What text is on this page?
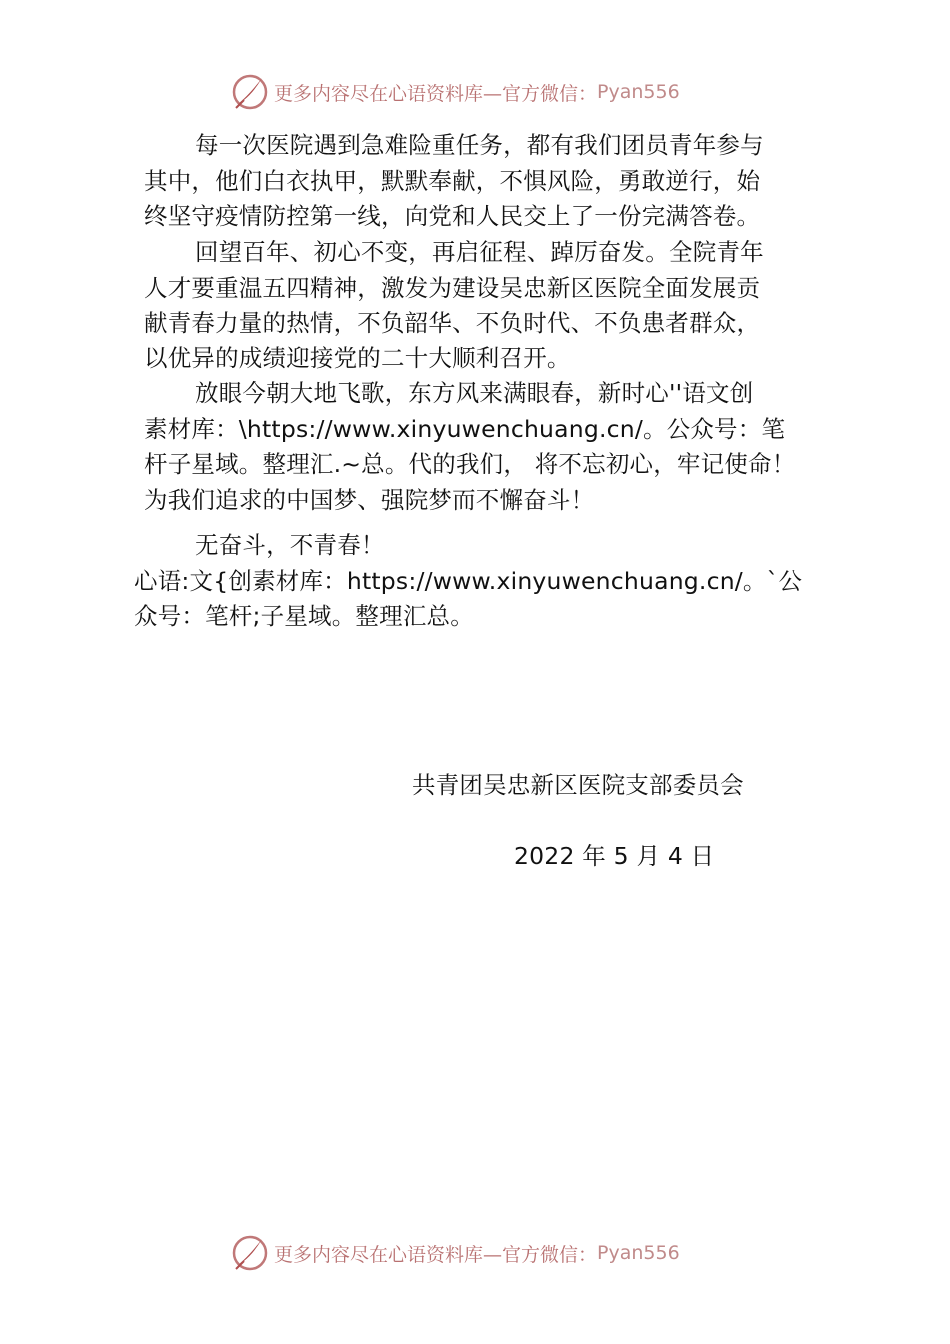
更多内容尽在心语资料库—官方微信： Pyan556
每一次医院遇到急难险重任务，都有我们团员青年参与
其中，他们白衣执甲，默默奉献，不惧风险，勇敢逆行，始
终坚守疫情防控第一线，向党和人民交上了一份完满答卷。
回望百年、初心不变，再启征程、踔厉奋发。全院青年
人才要重温五四精神，激发为建设吴忠新区医院全面发展贡
献青春力量的热情，不负韶华、不负时代、不负患者群众，
以优异的成绩迎接党的二十大顺利召开。
放眼今朝大地飞歌，东方风来满眼春，新时心''语文创
素材库：\https://www.xinyuwenchuang.cn/。公众号：笔
杆子星域。整理汇.~总。代的我们， 将不忘初心，牢记使命！
为我们追求的中国梦、强院梦而不懈奋斗！
无奋斗，不青春！
心语:文{创素材库：https://www.xinyuwenchuang.cn/。`公
众号：笔杆;子星域。整理汇总。
共青团吴忠新区医院支部委员会
2022 年 5 月 4 日
更多内容尽在心语资料库—官方微信： Pyan556
